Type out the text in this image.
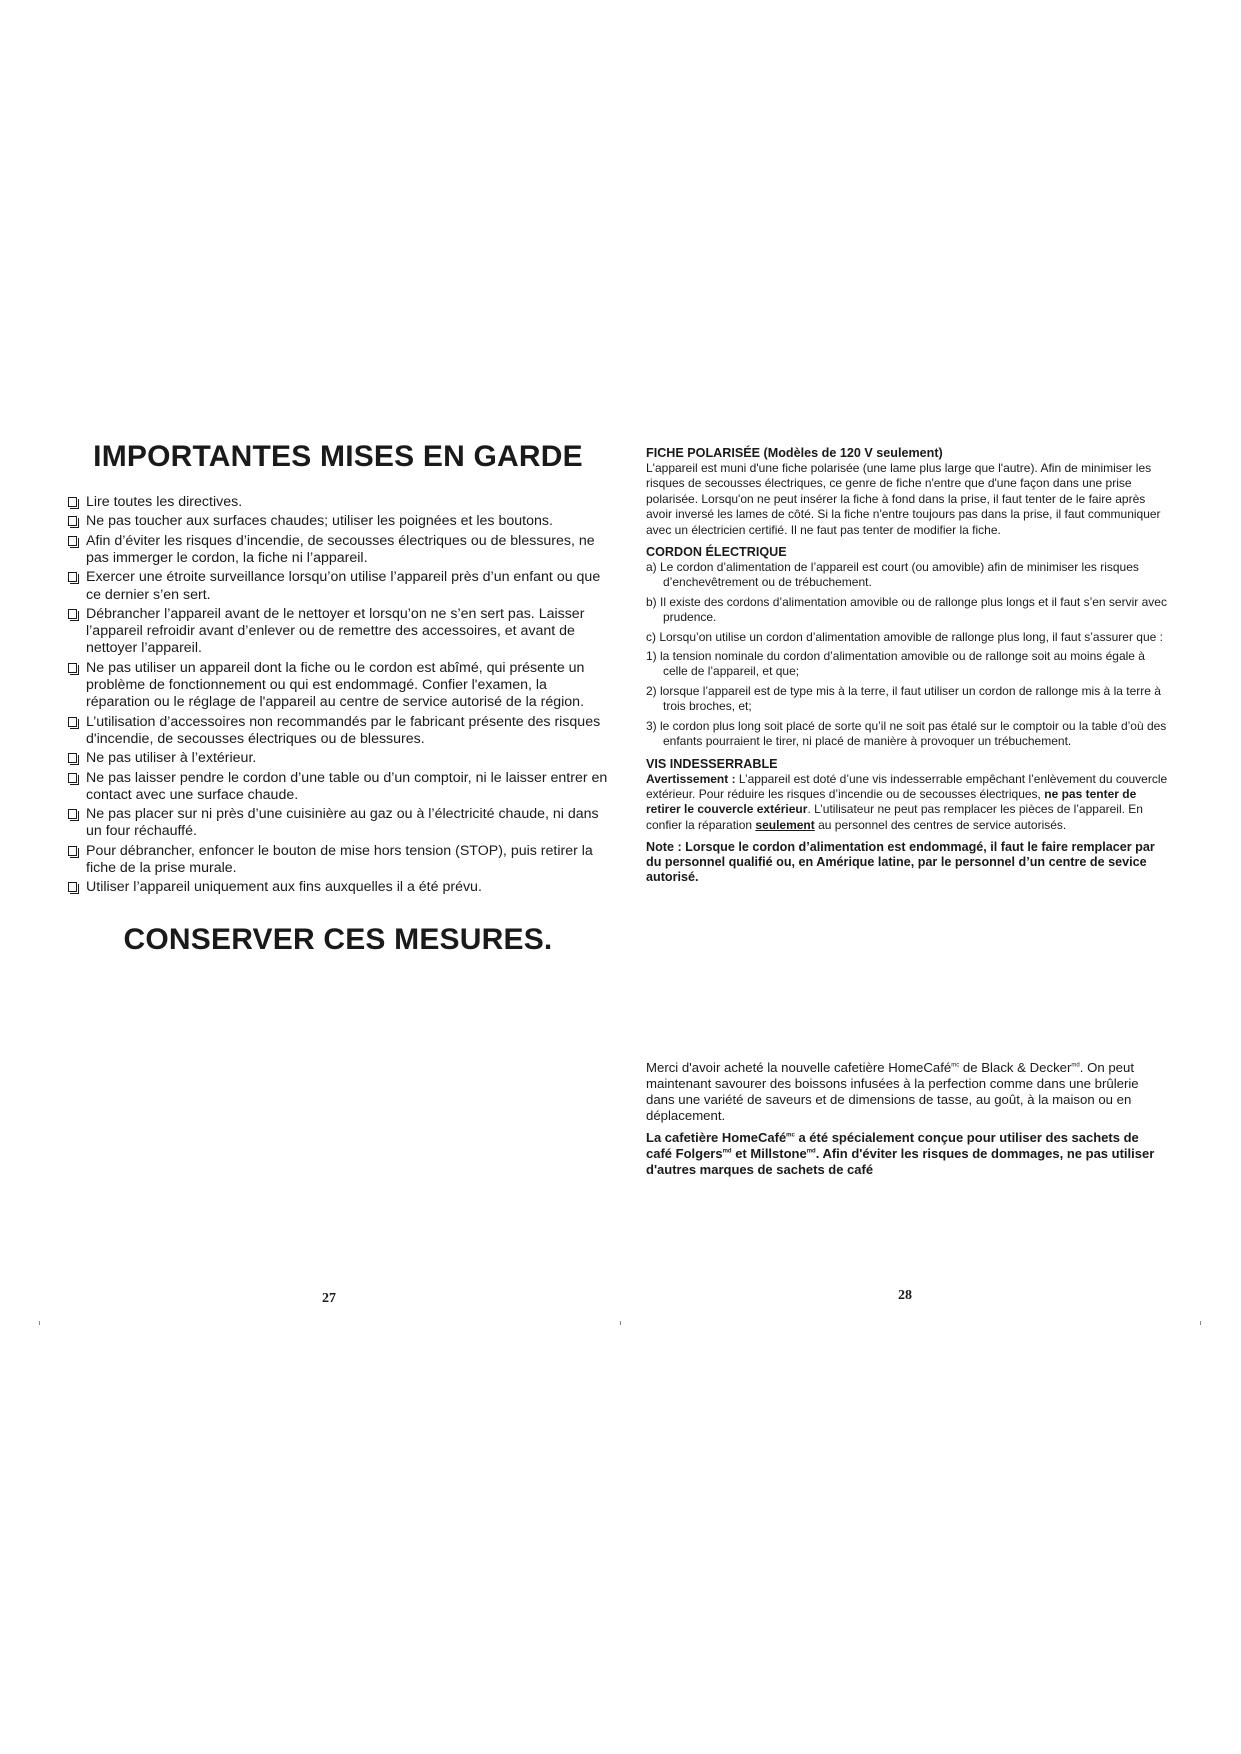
IMPORTANTES MISES EN GARDE
Lire toutes les directives.
Ne pas toucher aux surfaces chaudes; utiliser les poignées et les boutons.
Afin d’éviter les risques d’incendie, de secousses électriques ou de blessures, ne pas immerger le cordon, la fiche ni l’appareil.
Exercer une étroite surveillance lorsqu’on utilise l’appareil près d’un enfant ou que ce dernier s’en sert.
Débrancher l’appareil avant de le nettoyer et lorsqu’on ne s’en sert pas. Laisser l’appareil refroidir avant d’enlever ou de remettre des accessoires, et avant de nettoyer l’appareil.
Ne pas utiliser un appareil dont la fiche ou le cordon est abîmé, qui présente un problème de fonctionnement ou qui est endommagé. Confier l'examen, la réparation ou le réglage de l'appareil au centre de service autorisé de la région.
L’utilisation d’accessoires non recommandés par le fabricant présente des risques d'incendie, de secousses électriques ou de blessures.
Ne pas utiliser à l’extérieur.
Ne pas laisser pendre le cordon d’une table ou d’un comptoir, ni le laisser entrer en contact avec une surface chaude.
Ne pas placer sur ni près d’une cuisinière au gaz ou à l’électricité chaude, ni dans un four réchauffé.
Pour débrancher, enfoncer le bouton de mise hors tension (STOP), puis retirer la fiche de la prise murale.
Utiliser l’appareil uniquement aux fins auxquelles il a été prévu.
CONSERVER CES MESURES.

FICHE POLARISÉE (Modèles de 120 V seulement)

L'appareil est muni d'une fiche polarisée (une lame plus large que l'autre). Afin de minimiser les risques de secousses électriques, ce genre de fiche n'entre que d'une façon dans une prise polarisée. Lorsqu'on ne peut insérer la fiche à fond dans la prise, il faut tenter de le faire après avoir inversé les lames de côté. Si la fiche n'entre toujours pas dans la prise, il faut communiquer avec un électricien certifié. Il ne faut pas tenter de modifier la fiche.

CORDON ÉLECTRIQUE

a) Le cordon d’alimentation de l’appareil est court (ou amovible) afin de minimiser les risques d’enchevêtrement ou de trébuchement.
b) Il existe des cordons d’alimentation amovible ou de rallonge plus longs et il faut s’en servir avec prudence.
c) Lorsqu’on utilise un cordon d’alimentation amovible de rallonge plus long, il faut s’assurer que :
1) la tension nominale du cordon d’alimentation amovible ou de rallonge soit au moins égale à celle de l’appareil, et que;
2) lorsque l’appareil est de type mis à la terre, il faut utiliser un cordon de rallonge mis à la terre à trois broches, et;
3) le cordon plus long soit placé de sorte qu’il ne soit pas étalé sur le comptoir ou la table d’où des enfants pourraient le tirer, ni placé de manière à provoquer un trébuchement.

VIS INDESSERRABLE

Avertissement : L’appareil est doté d’une vis indesserrable empêchant l’enlèvement du couvercle extérieur. Pour réduire les risques d’incendie ou de secousses électriques, ne pas tenter de retirer le couvercle extérieur. L’utilisateur ne peut pas remplacer les pièces de l’appareil. En confier la réparation seulement au personnel des centres de service autorisés.

Note : Lorsque le cordon d’alimentation est endommagé, il faut le faire remplacer par du personnel qualifié ou, en Amérique latine, par le personnel d’un centre de sevice autorisé.

Merci d'avoir acheté la nouvelle cafetière HomeCafé$^{mc}$ de Black & Decker$^{md}$. On peut maintenant savourer des boissons infusées à la perfection comme dans une brûlerie dans une variété de saveurs et de dimensions de tasse, au goût, à la maison ou en déplacement.

La cafetière HomeCafé$^{mc}$ a été spécialement conçue pour utiliser des sachets de café Folgers$^{md}$ et Millstone$^{md}$. Afin d'éviter les risques de dommages, ne pas utiliser d'autres marques de sachets de café

27	28
